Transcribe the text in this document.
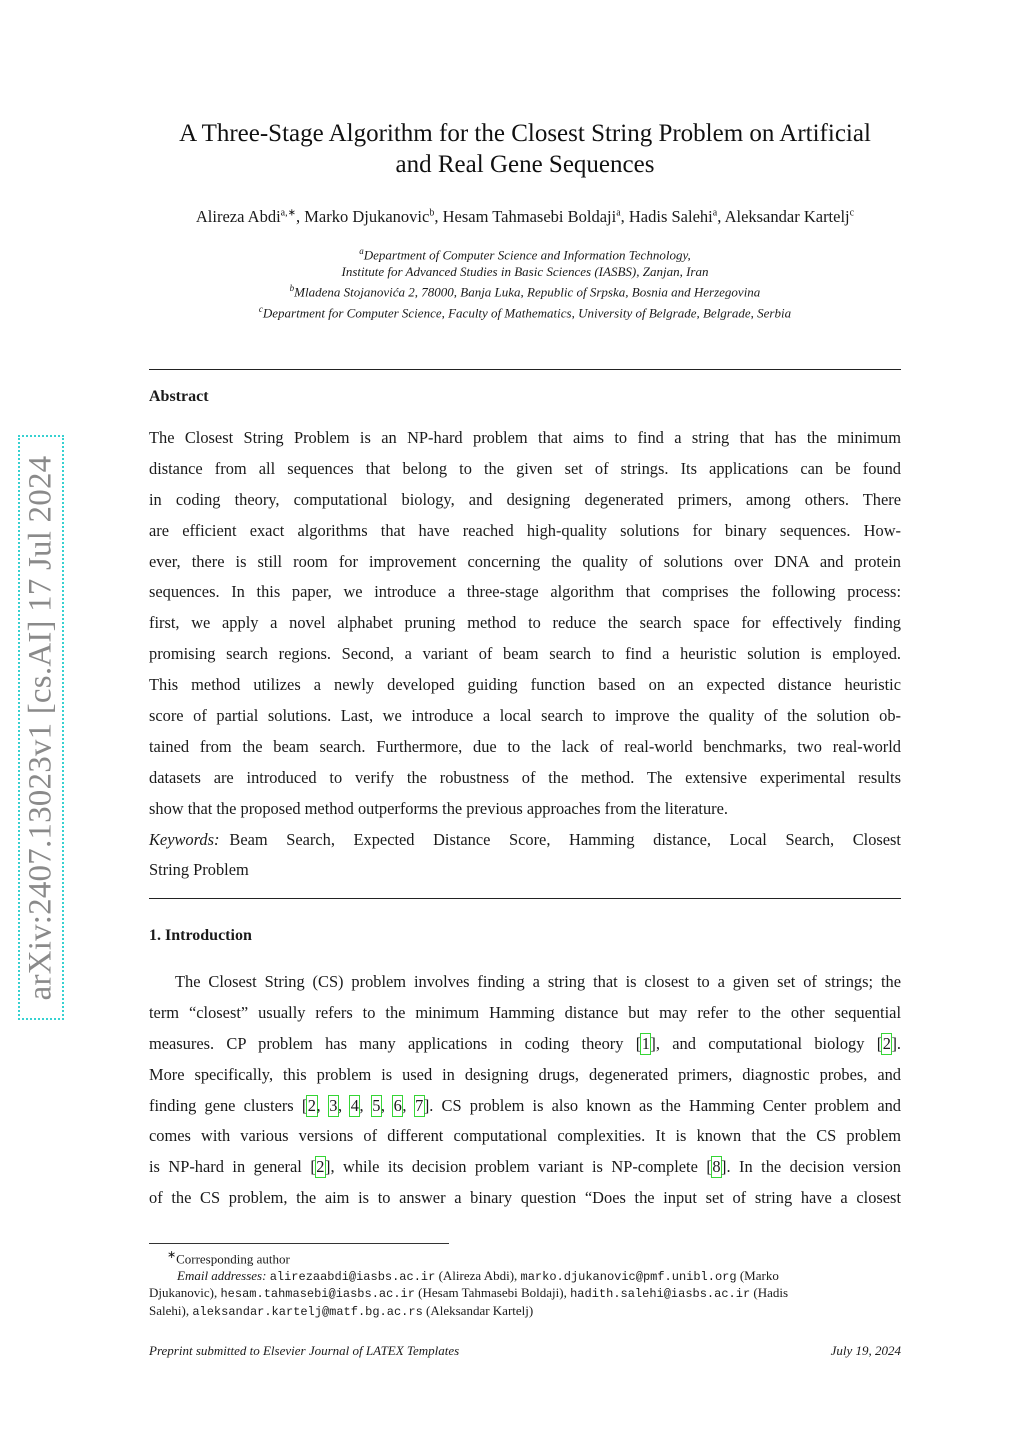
arXiv:2407.13023v1 [cs.AI] 17 Jul 2024
A Three-Stage Algorithm for the Closest String Problem on Artificial
and Real Gene Sequences
Alireza Abdi$^{a,∗}$, Marko Djukanovic$^b$, Hesam Tahmasebi Boldaji$^a$, Hadis Salehi$^a$, Aleksandar Kartelj$^c$
$^a$Department of Computer Science and Information Technology,
Institute for Advanced Studies in Basic Sciences (IASBS), Zanjan, Iran
$^b$Mladena Stojanovića 2, 78000, Banja Luka, Republic of Srpska, Bosnia and Herzegovina
$^c$Department for Computer Science, Faculty of Mathematics, University of Belgrade, Belgrade, Serbia
Abstract
The Closest String Problem is an NP-hard problem that aims to find a string that has the minimum
distance from all sequences that belong to the given set of strings. Its applications can be found
in coding theory, computational biology, and designing degenerated primers, among others. There
are efficient exact algorithms that have reached high-quality solutions for binary sequences. How-
ever, there is still room for improvement concerning the quality of solutions over DNA and protein
sequences. In this paper, we introduce a three-stage algorithm that comprises the following process:
first, we apply a novel alphabet pruning method to reduce the search space for effectively finding
promising search regions. Second, a variant of beam search to find a heuristic solution is employed.
This method utilizes a newly developed guiding function based on an expected distance heuristic
score of partial solutions. Last, we introduce a local search to improve the quality of the solution ob-
tained from the beam search. Furthermore, due to the lack of real-world benchmarks, two real-world
datasets are introduced to verify the robustness of the method. The extensive experimental results
show that the proposed method outperforms the previous approaches from the literature.
Keywords: Beam Search, Expected Distance Score, Hamming distance, Local Search, Closest
String Problem
1. Introduction
The Closest String (CS) problem involves finding a string that is closest to a given set of strings; the
term “closest” usually refers to the minimum Hamming distance but may refer to the other sequential
measures. CP problem has many applications in coding theory [1], and computational biology [2].
More specifically, this problem is used in designing drugs, degenerated primers, diagnostic probes, and
finding gene clusters [2, 3, 4, 5, 6, 7]. CS problem is also known as the Hamming Center problem and
comes with various versions of different computational complexities. It is known that the CS problem
is NP-hard in general [2], while its decision problem variant is NP-complete [8]. In the decision version
of the CS problem, the aim is to answer a binary question “Does the input set of string have a closest
∗Corresponding author
Email addresses: alirezaabdi@iasbs.ac.ir (Alireza Abdi), marko.djukanovic@pmf.unibl.org (Marko
Djukanovic), hesam.tahmasebi@iasbs.ac.ir (Hesam Tahmasebi Boldaji), hadith.salehi@iasbs.ac.ir (Hadis
Salehi), aleksandar.kartelj@matf.bg.ac.rs (Aleksandar Kartelj)
Preprint submitted to Elsevier Journal of LATEX Templates	July 19, 2024
